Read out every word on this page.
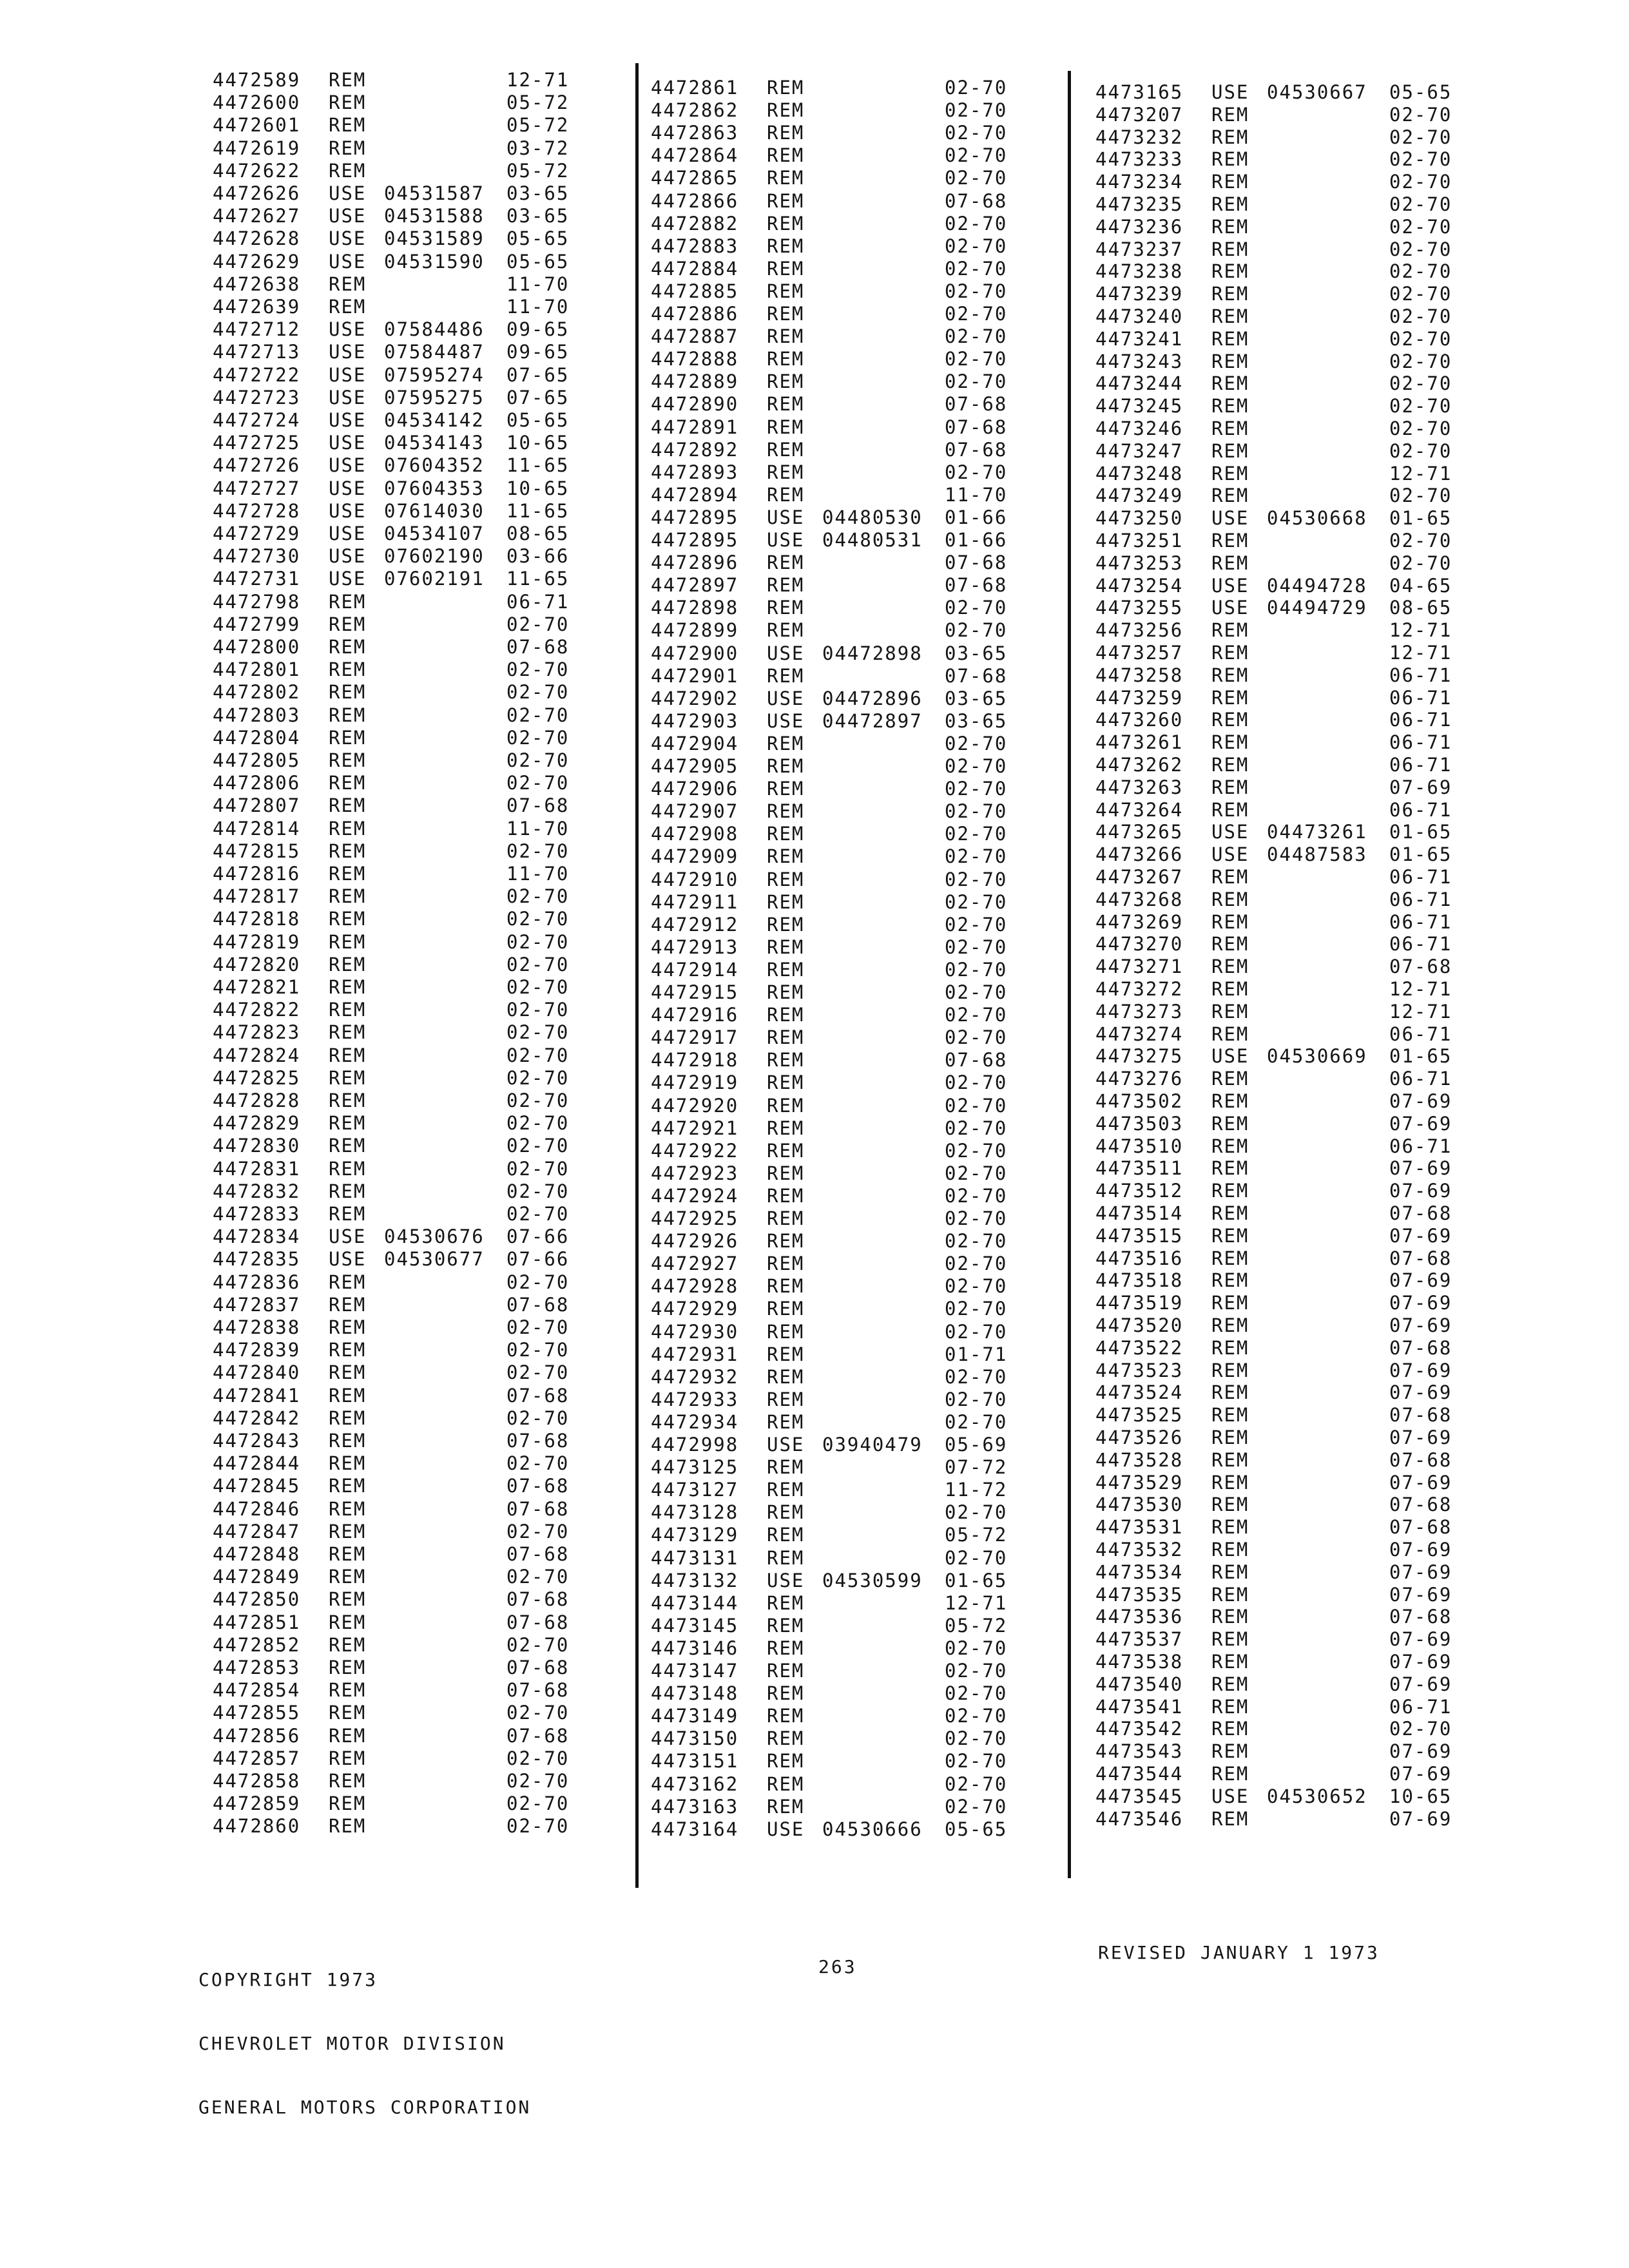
4472589 REM	12-71
4472600 REM	05-72
4472601 REM	05-72
4472619 REM	03-72
4472622 REM	05-72
4472626 USE 04531587 03-65
4472627 USE 04531588 03-65
4472628 USE 04531589 05-65
4472629 USE 04531590 05-65
4472638 REM	11-70
4472639 REM	11-70
4472712 USE 07584486 09-65
4472713 USE 07584487 09-65
4472722 USE 07595274 07-65
4472723 USE 07595275 07-65
4472724 USE 04534142 05-65
4472725 USE 04534143 10-65
4472726 USE 07604352 11-65
4472727 USE 07604353 10-65
4472728 USE 07614030 11-65
4472729 USE 04534107 08-65
4472730 USE 07602190 03-66
4472731 USE 07602191 11-65
4472798 REM	06-71
4472799 REM	02-70
4472800 REM	07-68
4472801 REM	02-70
4472802 REM	02-70
4472803 REM	02-70
4472804 REM	02-70
4472805 REM	02-70
4472806 REM	02-70
4472807 REM	07-68
4472814 REM	11-70
4472815 REM	02-70
4472816 REM	11-70
4472817 REM	02-70
4472818 REM	02-70
4472819 REM	02-70
4472820 REM	02-70
4472821 REM	02-70
4472822 REM	02-70
4472823 REM	02-70
4472824 REM	02-70
4472825 REM	02-70
4472828 REM	02-70
4472829 REM	02-70
4472830 REM	02-70
4472831 REM	02-70
4472832 REM	02-70
4472833 REM	02-70
4472834 USE 04530676 07-66
4472835 USE 04530677 07-66
4472836 REM	02-70
4472837 REM	07-68
4472838 REM	02-70
4472839 REM	02-70
4472840 REM	02-70
4472841 REM	07-68
4472842 REM	02-70
4472843 REM	07-68
4472844 REM	02-70
4472845 REM	07-68
4472846 REM	07-68
4472847 REM	02-70
4472848 REM	07-68
4472849 REM	02-70
4472850 REM	07-68
4472851 REM	07-68
4472852 REM	02-70
4472853 REM	07-68
4472854 REM	07-68
4472855 REM	02-70
4472856 REM	07-68
4472857 REM	02-70
4472858 REM	02-70
4472859 REM	02-70
4472860 REM	02-70
4472861 REM	02-70
4472862 REM	02-70
4472863 REM	02-70
4472864 REM	02-70
4472865 REM	02-70
4472866 REM	07-68
4472882 REM	02-70
4472883 REM	02-70
4472884 REM	02-70
4472885 REM	02-70
4472886 REM	02-70
4472887 REM	02-70
4472888 REM	02-70
4472889 REM	02-70
4472890 REM	07-68
4472891 REM	07-68
4472892 REM	07-68
4472893 REM	02-70
4472894 REM	11-70
4472895 USE 04480530 01-66
4472895 USE 04480531 01-66
4472896 REM	07-68
4472897 REM	07-68
4472898 REM	02-70
4472899 REM	02-70
4472900 USE 04472898 03-65
4472901 REM	07-68
4472902 USE 04472896 03-65
4472903 USE 04472897 03-65
4472904 REM	02-70
4472905 REM	02-70
4472906 REM	02-70
4472907 REM	02-70
4472908 REM	02-70
4472909 REM	02-70
4472910 REM	02-70
4472911 REM	02-70
4472912 REM	02-70
4472913 REM	02-70
4472914 REM	02-70
4472915 REM	02-70
4472916 REM	02-70
4472917 REM	02-70
4472918 REM	07-68
4472919 REM	02-70
4472920 REM	02-70
4472921 REM	02-70
4472922 REM	02-70
4472923 REM	02-70
4472924 REM	02-70
4472925 REM	02-70
4472926 REM	02-70
4472927 REM	02-70
4472928 REM	02-70
4472929 REM	02-70
4472930 REM	02-70
4472931 REM	01-71
4472932 REM	02-70
4472933 REM	02-70
4472934 REM	02-70
4472998 USE 03940479 05-69
4473125 REM	07-72
4473127 REM	11-72
4473128 REM	02-70
4473129 REM	05-72
4473131 REM	02-70
4473132 USE 04530599 01-65
4473144 REM	12-71
4473145 REM	05-72
4473146 REM	02-70
4473147 REM	02-70
4473148 REM	02-70
4473149 REM	02-70
4473150 REM	02-70
4473151 REM	02-70
4473162 REM	02-70
4473163 REM	02-70
4473164 USE 04530666 05-65
4473165 USE 04530667 05-65
4473207 REM	02-70
4473232 REM	02-70
4473233 REM	02-70
4473234 REM	02-70
4473235 REM	02-70
4473236 REM	02-70
4473237 REM	02-70
4473238 REM	02-70
4473239 REM	02-70
4473240 REM	02-70
4473241 REM	02-70
4473243 REM	02-70
4473244 REM	02-70
4473245 REM	02-70
4473246 REM	02-70
4473247 REM	02-70
4473248 REM	12-71
4473249 REM	02-70
4473250 USE 04530668 01-65
4473251 REM	02-70
4473253 REM	02-70
4473254 USE 04494728 04-65
4473255 USE 04494729 08-65
4473256 REM	12-71
4473257 REM	12-71
4473258 REM	06-71
4473259 REM	06-71
4473260 REM	06-71
4473261 REM	06-71
4473262 REM	06-71
4473263 REM	07-69
4473264 REM	06-71
4473265 USE 04473261 01-65
4473266 USE 04487583 01-65
4473267 REM	06-71
4473268 REM	06-71
4473269 REM	06-71
4473270 REM	06-71
4473271 REM	07-68
4473272 REM	12-71
4473273 REM	12-71
4473274 REM	06-71
4473275 USE 04530669 01-65
4473276 REM	06-71
4473502 REM	07-69
4473503 REM	07-69
4473510 REM	06-71
4473511 REM	07-69
4473512 REM	07-69
4473514 REM	07-68
4473515 REM	07-69
4473516 REM	07-68
4473518 REM	07-69
4473519 REM	07-69
4473520 REM	07-69
4473522 REM	07-68
4473523 REM	07-69
4473524 REM	07-69
4473525 REM	07-68
4473526 REM	07-69
4473528 REM	07-68
4473529 REM	07-69
4473530 REM	07-68
4473531 REM	07-68
4473532 REM	07-69
4473534 REM	07-69
4473535 REM	07-69
4473536 REM	07-68
4473537 REM	07-69
4473538 REM	07-69
4473540 REM	07-69
4473541 REM	06-71
4473542 REM	02-70
4473543 REM	07-69
4473544 REM	07-69
4473545 USE 04530652 10-65
4473546 REM	07-69

COPYRIGHT 1973

CHEVROLET MOTOR DIVISION

GENERAL MOTORS CORPORATION

263
REVISED JANUARY 1 1973
